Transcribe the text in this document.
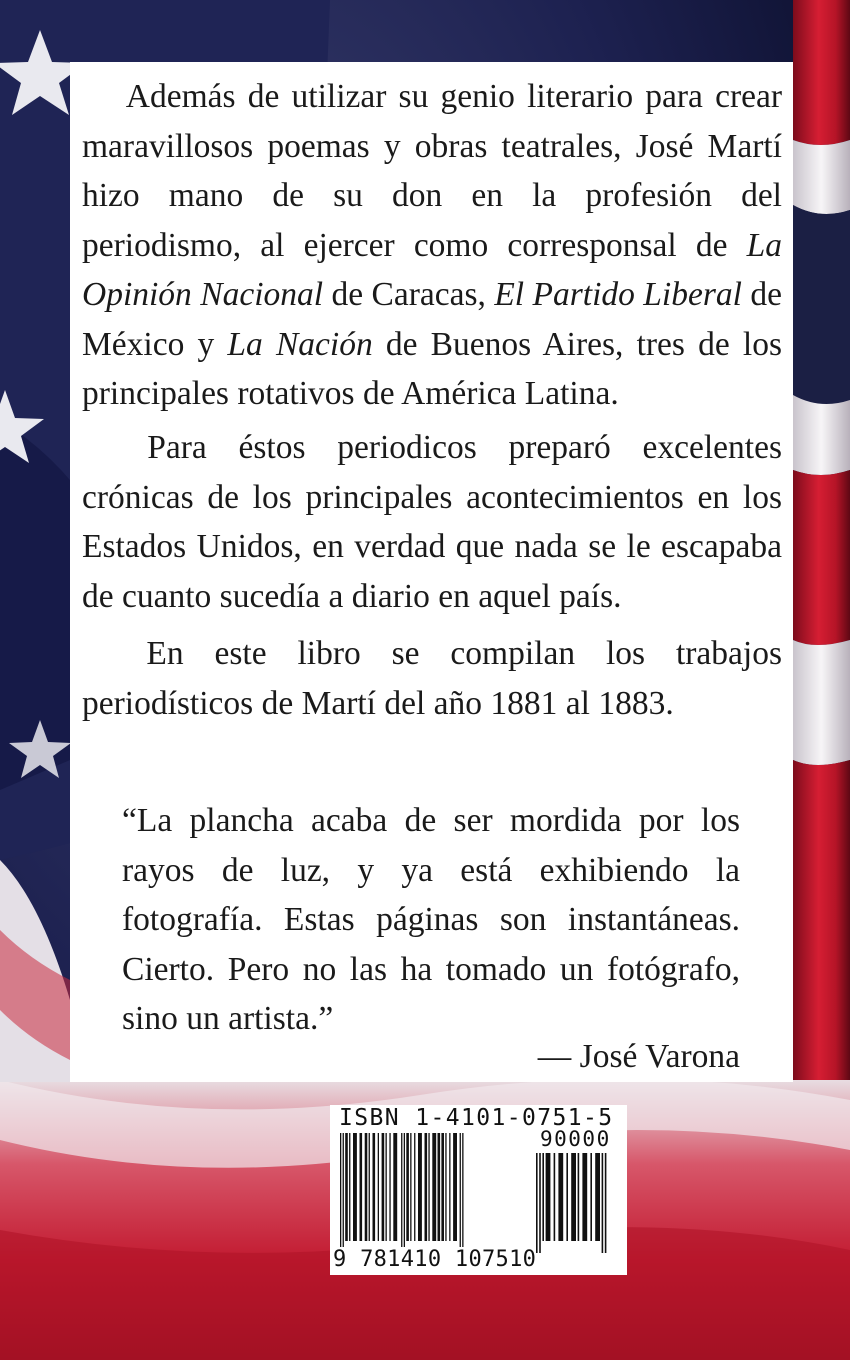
  Además de utilizar su genio literario para crear maravillosos poemas y obras teatrales, José Martí hizo mano de su don en la profesión del periodismo, al ejercer como corresponsal de La Opinión Nacional de Caracas, El Partido Liberal de México y La Nación de Buenos Aires, tres de los principales rotativos de América Latina.

  Para éstos periodicos preparó excelentes crónicas de los principales acontecimientos en los Estados Unidos, en verdad que nada se le escapaba de cuanto sucedía a diario en aquel país.

  En este libro se compilan los trabajos periodísticos de Martí del año 1881 al 1883.

“La plancha acaba de ser mordida por los rayos de luz, y ya está exhibiendo la fotografía. Estas páginas son instantáneas. Cierto. Pero no las ha tomado un fotógrafo, sino un artista.”

— José Varona
ISBN 1-4101-0751-5
90000
9 781410 107510
